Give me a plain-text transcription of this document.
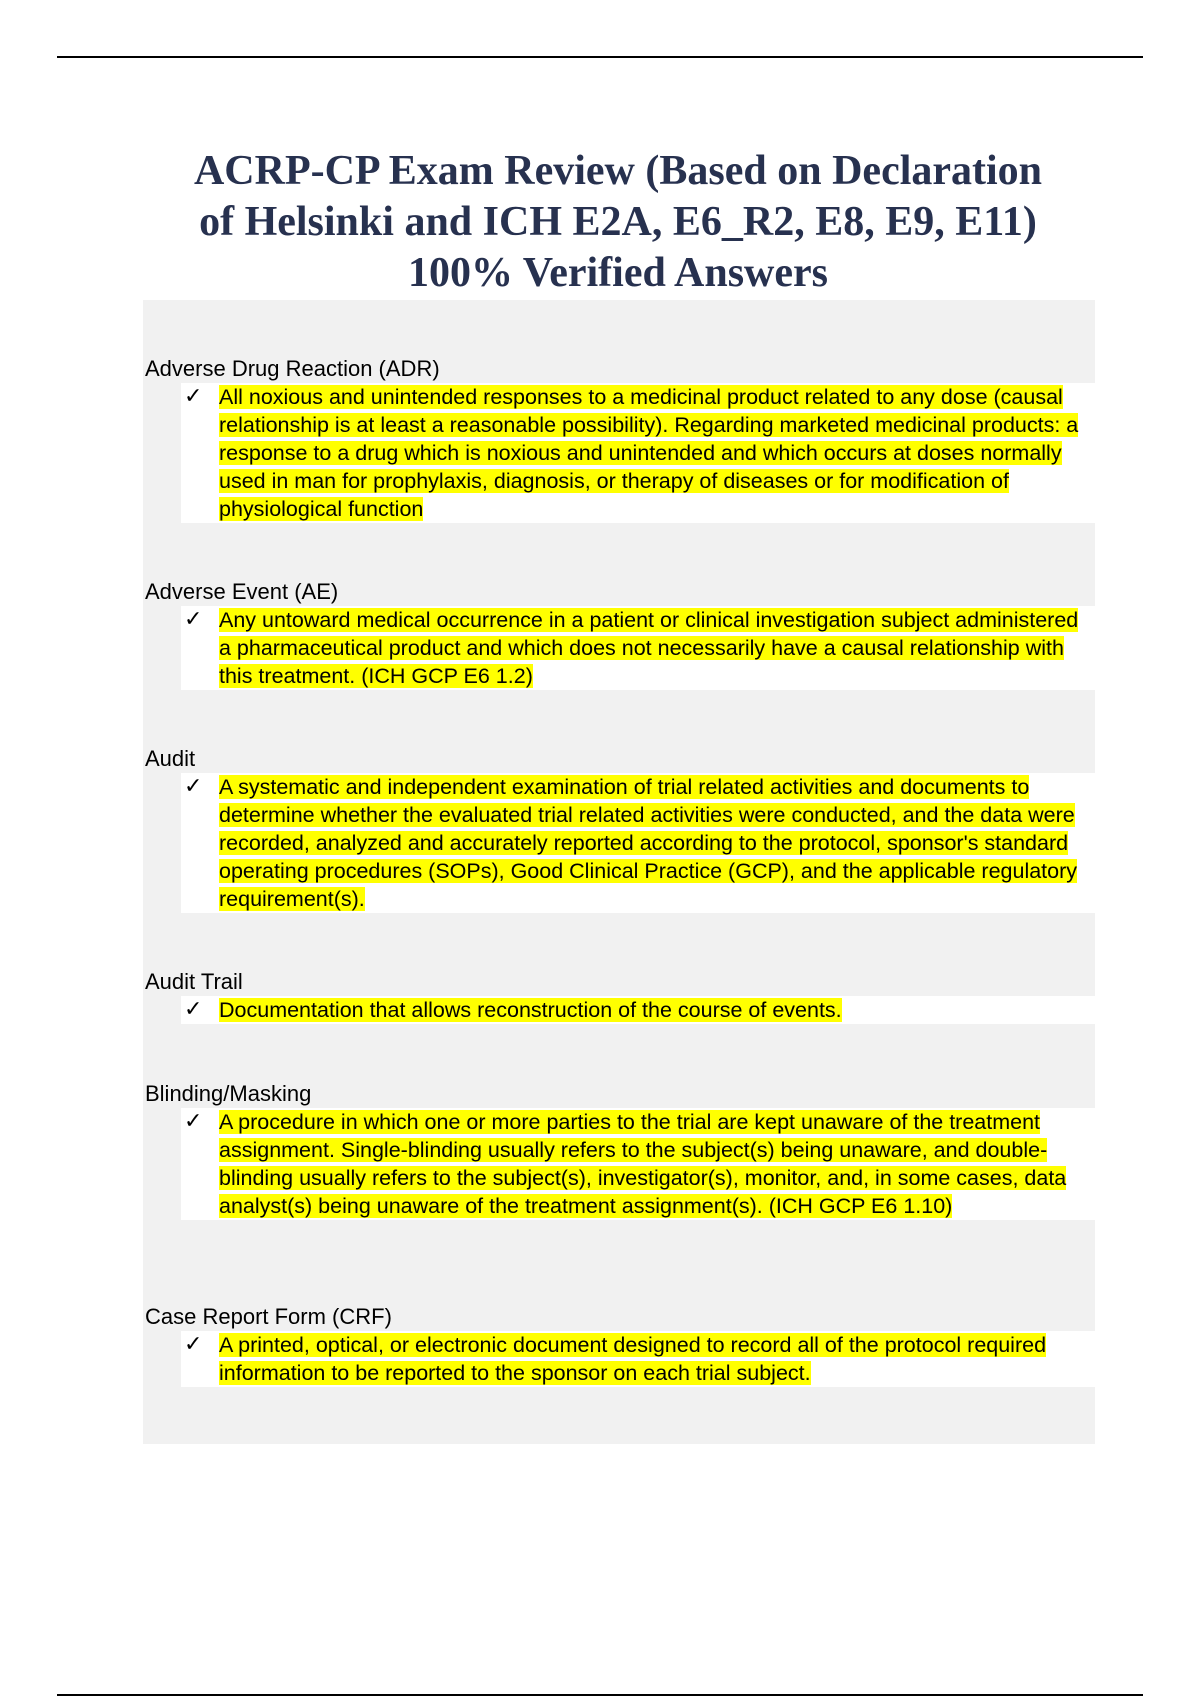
ACRP-CP Exam Review (Based on Declaration
of Helsinki and ICH E2A, E6_R2, E8, E9, E11)
100% Verified Answers

Adverse Drug Reaction (ADR)

✓ All noxious and unintended responses to a medicinal product related to any dose (causal relationship is at least a reasonable possibility). Regarding marketed medicinal products: a response to a drug which is noxious and unintended and which occurs at doses normally used in man for prophylaxis, diagnosis, or therapy of diseases or for modification of physiological function

Adverse Event (AE)

✓ Any untoward medical occurrence in a patient or clinical investigation subject administered a pharmaceutical product and which does not necessarily have a causal relationship with this treatment. (ICH GCP E6 1.2)

Audit

✓ A systematic and independent examination of trial related activities and documents to determine whether the evaluated trial related activities were conducted, and the data were recorded, analyzed and accurately reported according to the protocol, sponsor's standard operating procedures (SOPs), Good Clinical Practice (GCP), and the applicable regulatory requirement(s).

Audit Trail

✓ Documentation that allows reconstruction of the course of events.

Blinding/Masking

✓ A procedure in which one or more parties to the trial are kept unaware of the treatment assignment. Single-blinding usually refers to the subject(s) being unaware, and double- blinding usually refers to the subject(s), investigator(s), monitor, and, in some cases, data analyst(s) being unaware of the treatment assignment(s). (ICH GCP E6 1.10)

Case Report Form (CRF)

✓ A printed, optical, or electronic document designed to record all of the protocol required information to be reported to the sponsor on each trial subject.
